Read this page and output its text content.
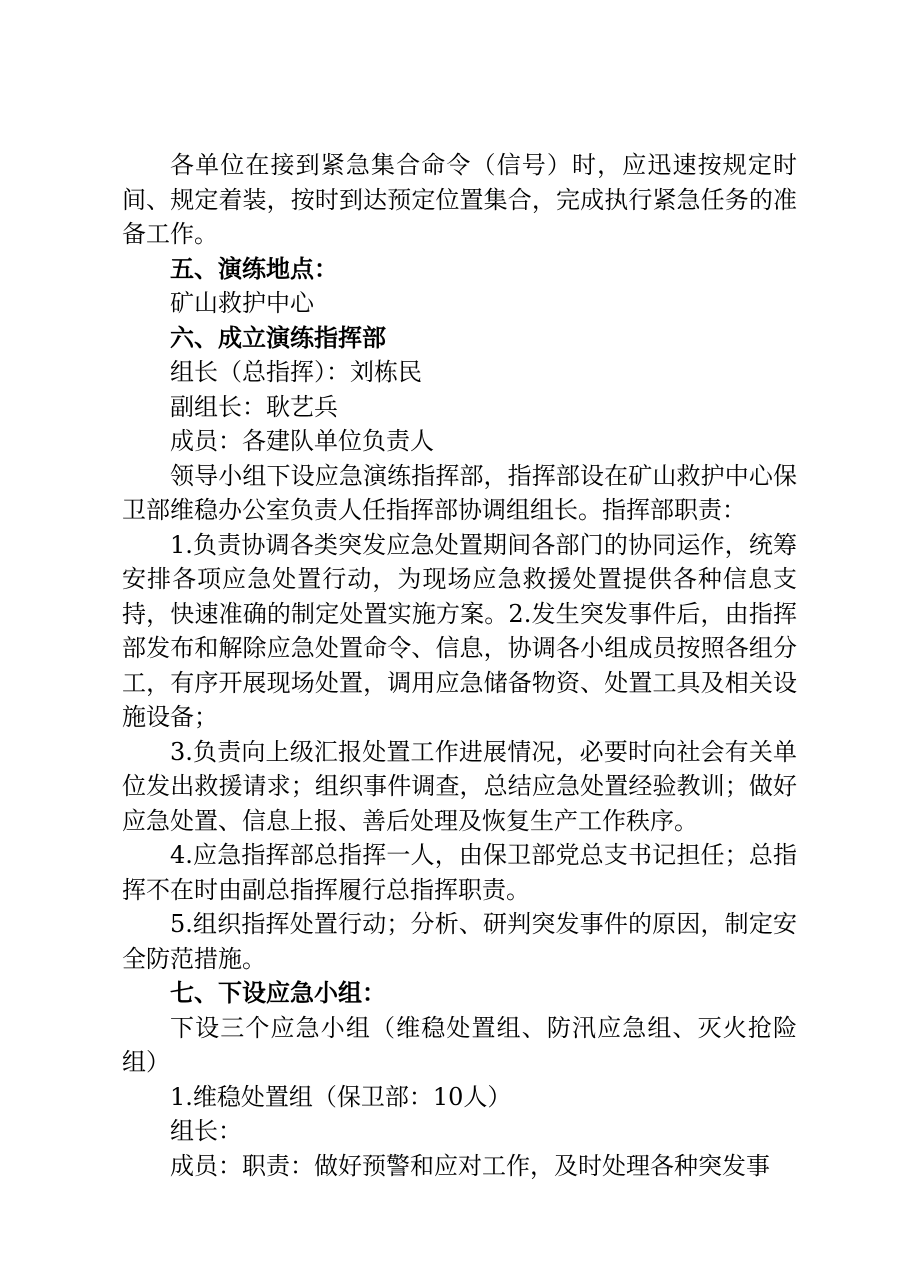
各单位在接到紧急集合命令（信号）时，应迅速按规定时间、规定着装，按时到达预定位置集合，完成执行紧急任务的准备工作。

五、演练地点：

矿山救护中心

六、成立演练指挥部

组长（总指挥）：刘栋民

副组长：耿艺兵

成员：各建队单位负责人

领导小组下设应急演练指挥部，指挥部设在矿山救护中心保卫部维稳办公室负责人任指挥部协调组组长。指挥部职责：

1.负责协调各类突发应急处置期间各部门的协同运作，统筹安排各项应急处置行动，为现场应急救援处置提供各种信息支持，快速准确的制定处置实施方案。2.发生突发事件后，由指挥部发布和解除应急处置命令、信息，协调各小组成员按照各组分工，有序开展现场处置，调用应急储备物资、处置工具及相关设施设备；

3.负责向上级汇报处置工作进展情况，必要时向社会有关单位发出救援请求；组织事件调查，总结应急处置经验教训；做好应急处置、信息上报、善后处理及恢复生产工作秩序。

4.应急指挥部总指挥一人，由保卫部党总支书记担任；总指挥不在时由副总指挥履行总指挥职责。

5.组织指挥处置行动；分析、研判突发事件的原因，制定安全防范措施。

七、下设应急小组：

下设三个应急小组（维稳处置组、防汛应急组、灭火抢险组）

1.维稳处置组（保卫部：10人）

组长：

成员：职责：做好预警和应对工作，及时处理各种突发事
